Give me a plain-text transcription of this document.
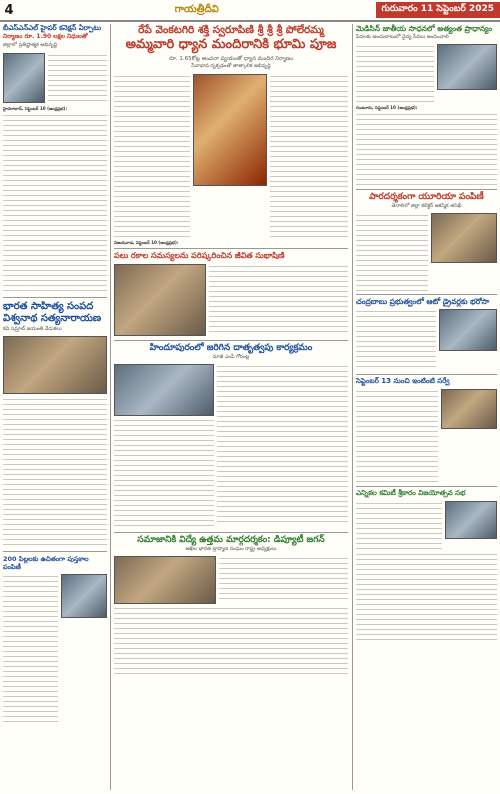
4	గాయత్రీదీవి	గురువారం 11 సెప్టెంబర్ 2025
బీఎస్ఎన్ఎల్ హైపర్ కనెక్షన్ ఏర్పాటు
నిర్మాణం రూ. 1.90 లక్షల నిధులతో
జిల్లాలో ప్రతిష్టాత్మక అభివృద్ధి
హైదరాబాద్, సెప్టెంబర్ 10 (ఆంధ్రప్రభ):
భారత సాహిత్య సంపద విశ్వనాథ సత్యనారాయణ
కవి సమ్రాట్ జయంతి వేడుకలు
200 పిల్లలకు ఉచితంగా పుస్తకాల పంపిణీ
రేపే వెంకటగిరి శక్తి స్వరూపిణి శ్రీ శ్రీ శ్రీ పోలేరమ్మ
అమ్మవారి ధ్యాన మందిరానికి భూమి పూజ
రూ. 1.65కోట్ల అంచనా వ్యయంతో ధ్యాన మందిర నిర్మాణం
సేవాభావ దృక్పథంతో తాత్కాలిక అభివృద్ధి
విజయవాడ, సెప్టెంబర్ 10 (ఆంధ్రప్రభ):
పలు రకాల సమస్యలను పరిష్కరించిన జీవిత సుభాషిణి
హిందూపురంలో జరిగిన దాతృత్వపు కార్యక్రమం
మాజీ ఎంపీ గోరంట్ల
సమాజానికి విద్యే ఉత్తమ మార్గదర్శకం: డిప్యూటీ జగన్
అఖిల భారత బ్రాహ్మణ సంఘం రాష్ట్ర అధ్యక్షులు
మెడిసిన్ జాతీయ సాధనలో అత్యంత ప్రాధాన్యం
పేదలకు అందుబాటులో వైద్య సేవలు అందించాలి
గుంటూరు, సెప్టెంబర్ 10 (ఆంధ్రప్రభ):
పారదర్శకంగా యూరియా పంపిణీ
తెనాలిలో జిల్లా కలెక్టర్ ఆకస్మిక తనిఖీ
చంద్రబాబు ప్రభుత్వంలో ఆటో డ్రైవర్లకు భరోసా
సెప్టెంబర్ 13 నుంచి ఇంటింటి సర్వే
ఎన్నికల కమిటీ శ్రీకారం విజయోత్సవ సభ
